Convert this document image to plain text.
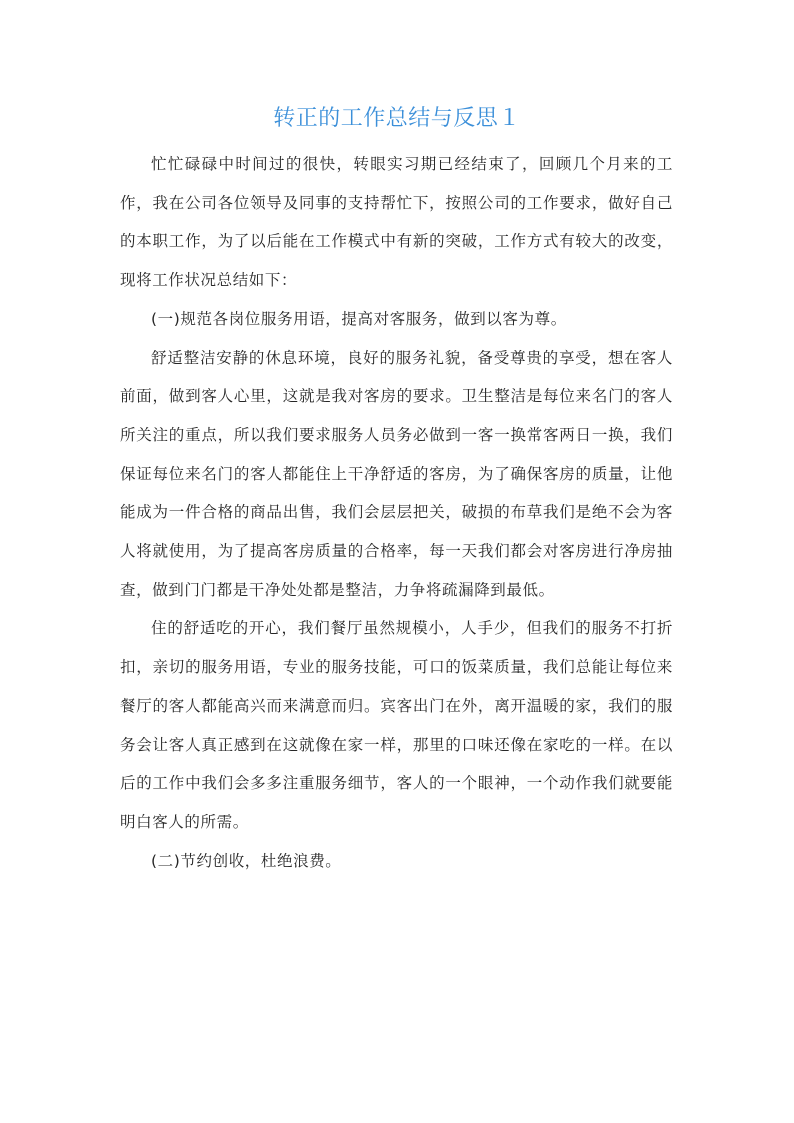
转正的工作总结与反思１

忙忙碌碌中时间过的很快，转眼实习期已经结束了，回顾几个月来的工作，我在公司各位领导及同事的支持帮忙下，按照公司的工作要求，做好自己的本职工作，为了以后能在工作模式中有新的突破，工作方式有较大的改变，现将工作状况总结如下：

(一)规范各岗位服务用语，提高对客服务，做到以客为尊。

舒适整洁安静的休息环境，良好的服务礼貌，备受尊贵的享受，想在客人前面，做到客人心里，这就是我对客房的要求。卫生整洁是每位来名门的客人所关注的重点，所以我们要求服务人员务必做到一客一换常客两日一换，我们保证每位来名门的客人都能住上干净舒适的客房，为了确保客房的质量，让他能成为一件合格的商品出售，我们会层层把关，破损的布草我们是绝不会为客人将就使用，为了提高客房质量的合格率，每一天我们都会对客房进行净房抽查，做到门门都是干净处处都是整洁，力争将疏漏降到最低。

住的舒适吃的开心，我们餐厅虽然规模小，人手少，但我们的服务不打折扣，亲切的服务用语，专业的服务技能，可口的饭菜质量，我们总能让每位来餐厅的客人都能高兴而来满意而归。宾客出门在外，离开温暖的家，我们的服务会让客人真正感到在这就像在家一样，那里的口味还像在家吃的一样。在以后的工作中我们会多多注重服务细节，客人的一个眼神，一个动作我们就要能明白客人的所需。

(二)节约创收，杜绝浪费。
